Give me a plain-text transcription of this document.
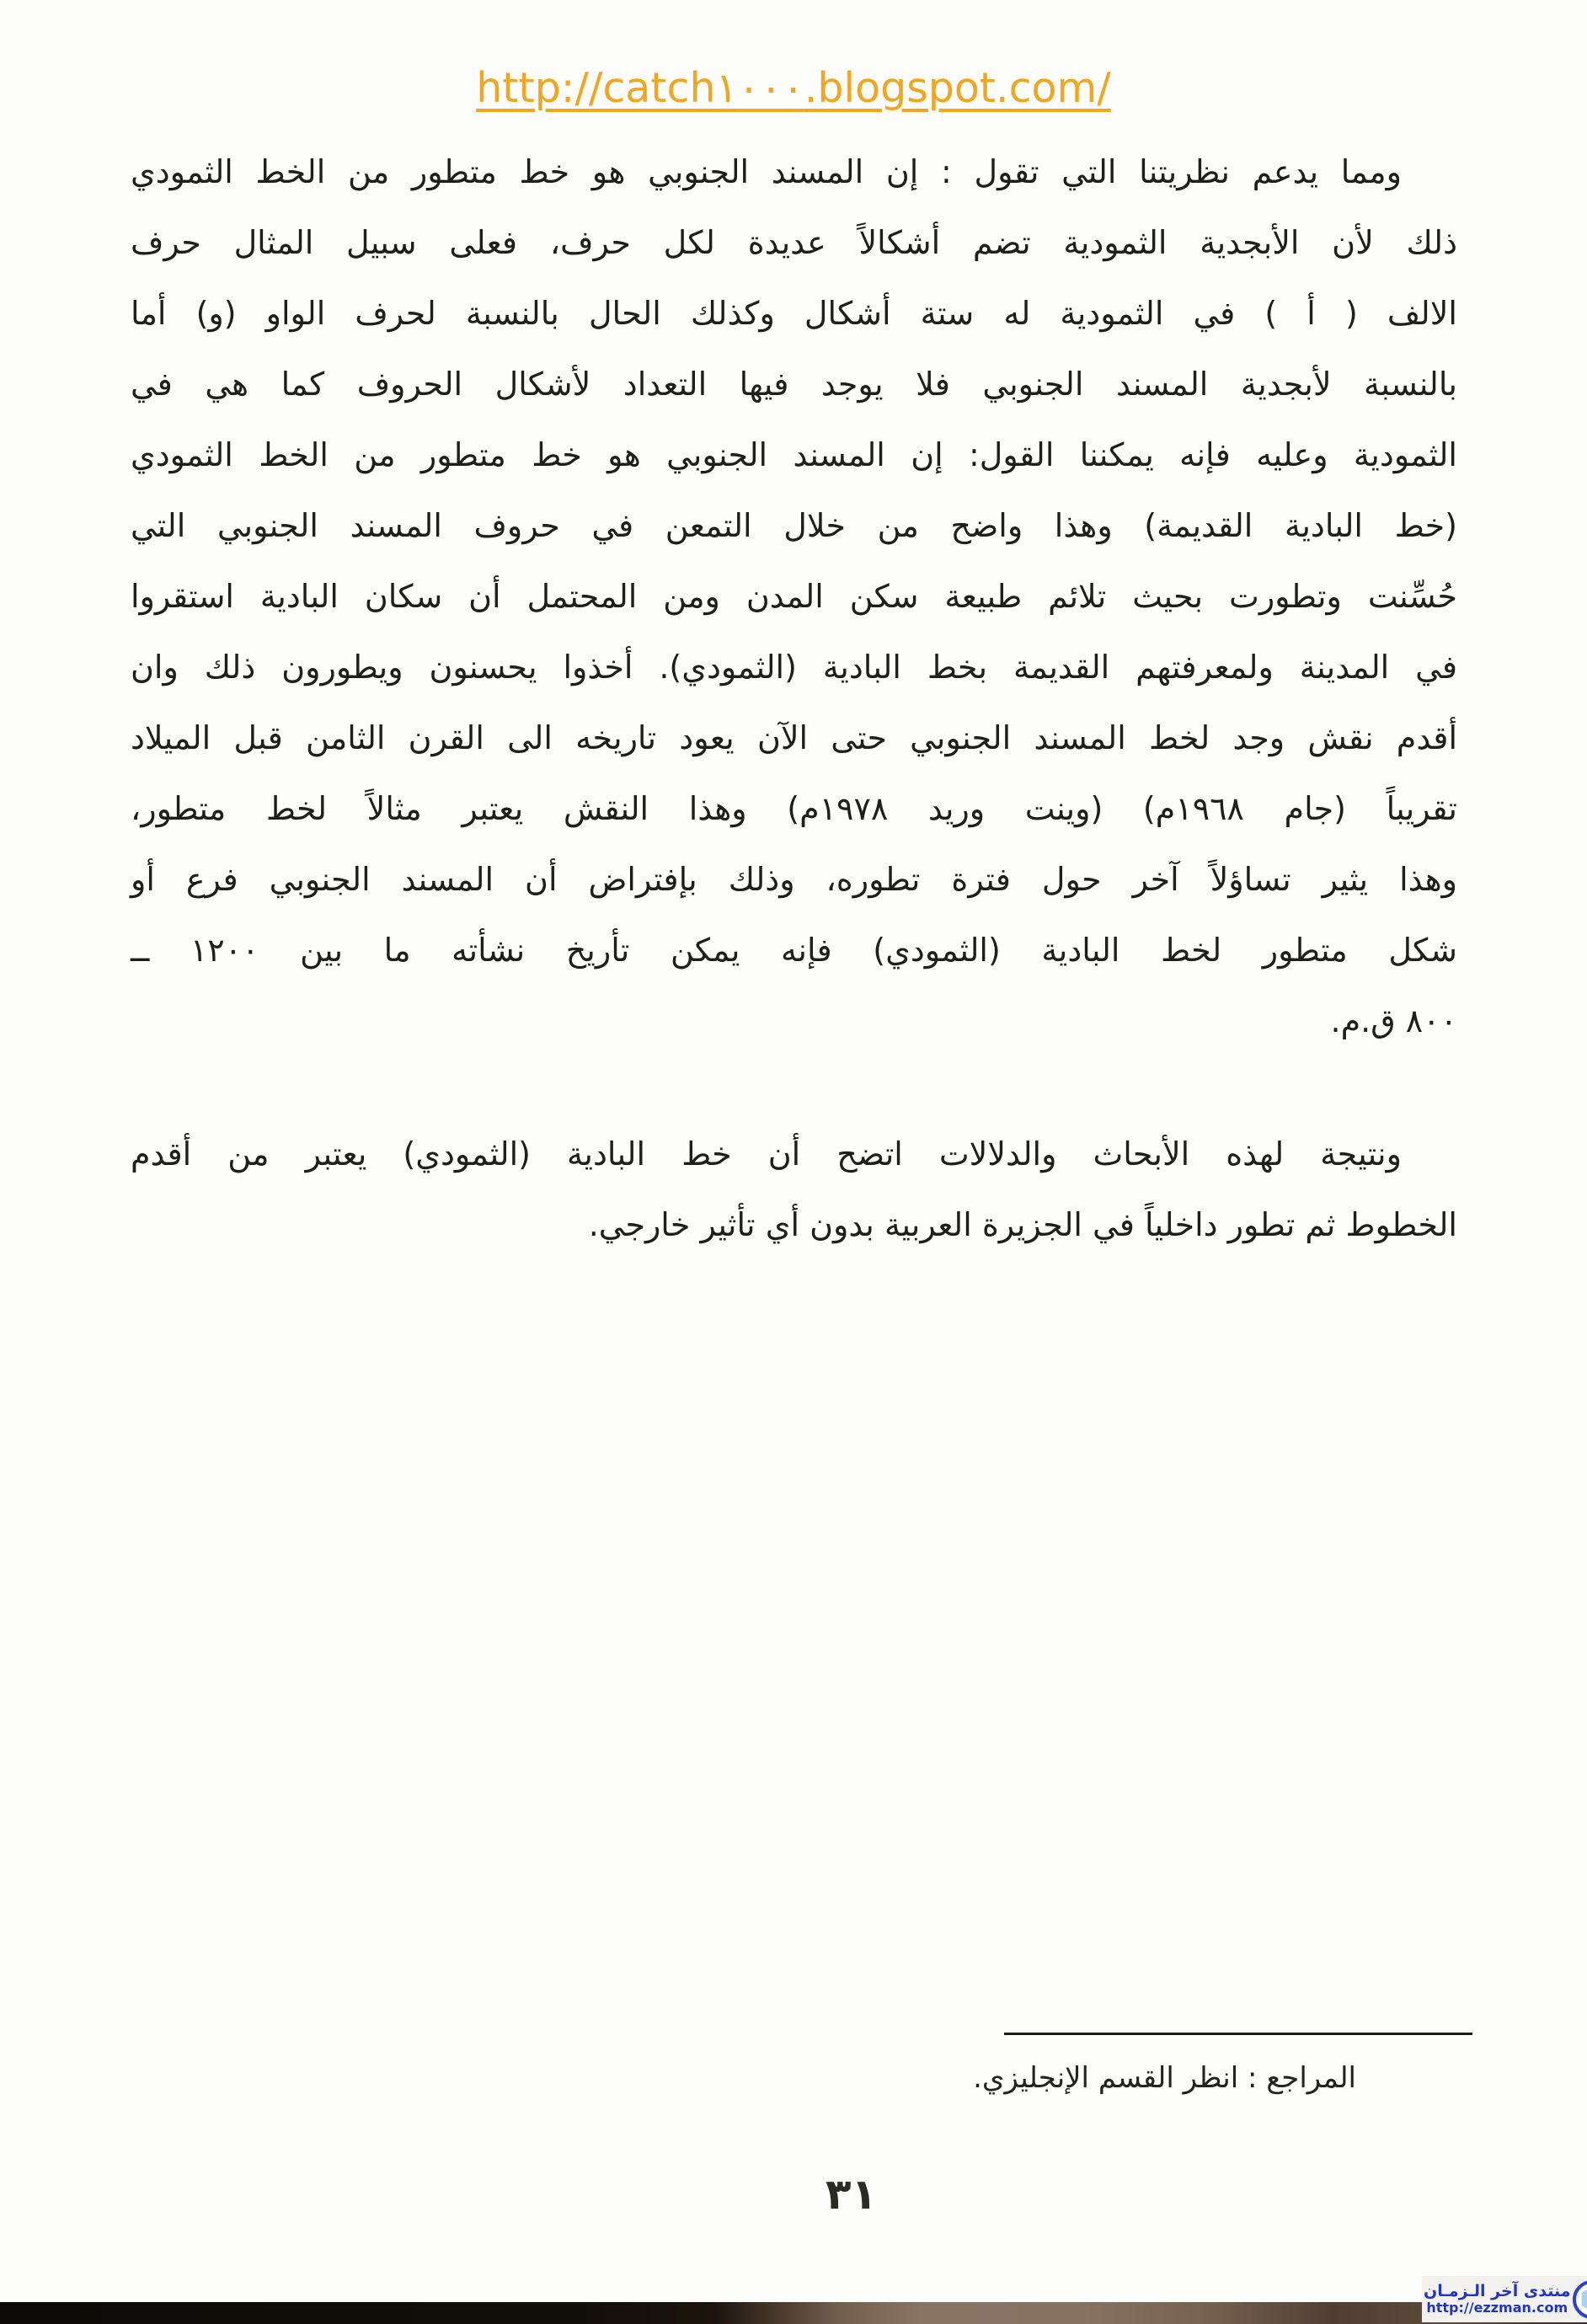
http://catch١٠٠٠.blogspot.com/

ومما يدعم نظريتنا التي تقول : إن المسند الجنوبي هو خط متطور من الخط الثمودي

ذلك لأن الأبجدية الثمودية تضم أشكالاً عديدة لكل حرف، فعلى سبيل المثال حرف

الالف ( أ ) في الثمودية له ستة أشكال وكذلك الحال بالنسبة لحرف الواو (و) أما

بالنسبة لأبجدية المسند الجنوبي فلا يوجد فيها التعداد لأشكال الحروف كما هي في

الثمودية وعليه فإنه يمكننا القول: إن المسند الجنوبي هو خط متطور من الخط الثمودي

(خط البادية القديمة) وهذا واضح من خلال التمعن في حروف المسند الجنوبي التي

حُسِّنت وتطورت بحيث تلائم طبيعة سكن المدن ومن المحتمل أن سكان البادية استقروا

في المدينة ولمعرفتهم القديمة بخط البادية (الثمودي). أخذوا يحسنون ويطورون ذلك وان

أقدم نقش وجد لخط المسند الجنوبي حتى الآن يعود تاريخه الى القرن الثامن قبل الميلاد

تقريباً (جام ١٩٦٨م) (وينت وريد ١٩٧٨م) وهذا النقش يعتبر مثالاً لخط متطور،

وهذا يثير تساؤلاً آخر حول فترة تطوره، وذلك بإفتراض أن المسند الجنوبي فرع أو

شكل متطور لخط البادية (الثمودي) فإنه يمكن تأريخ نشأته ما بين ١٢٠٠ ــ

٨٠٠ ق.م.

ونتيجة لهذه الأبحاث والدلالات اتضح أن خط البادية (الثمودي) يعتبر من أقدم

الخطوط ثم تطور داخلياً في الجزيرة العربية بدون أي تأثير خارجي.

المراجع : انظر القسم الإنجليزي.
٣١
منتدى آخر الـزمـان
http://ezzman.com
